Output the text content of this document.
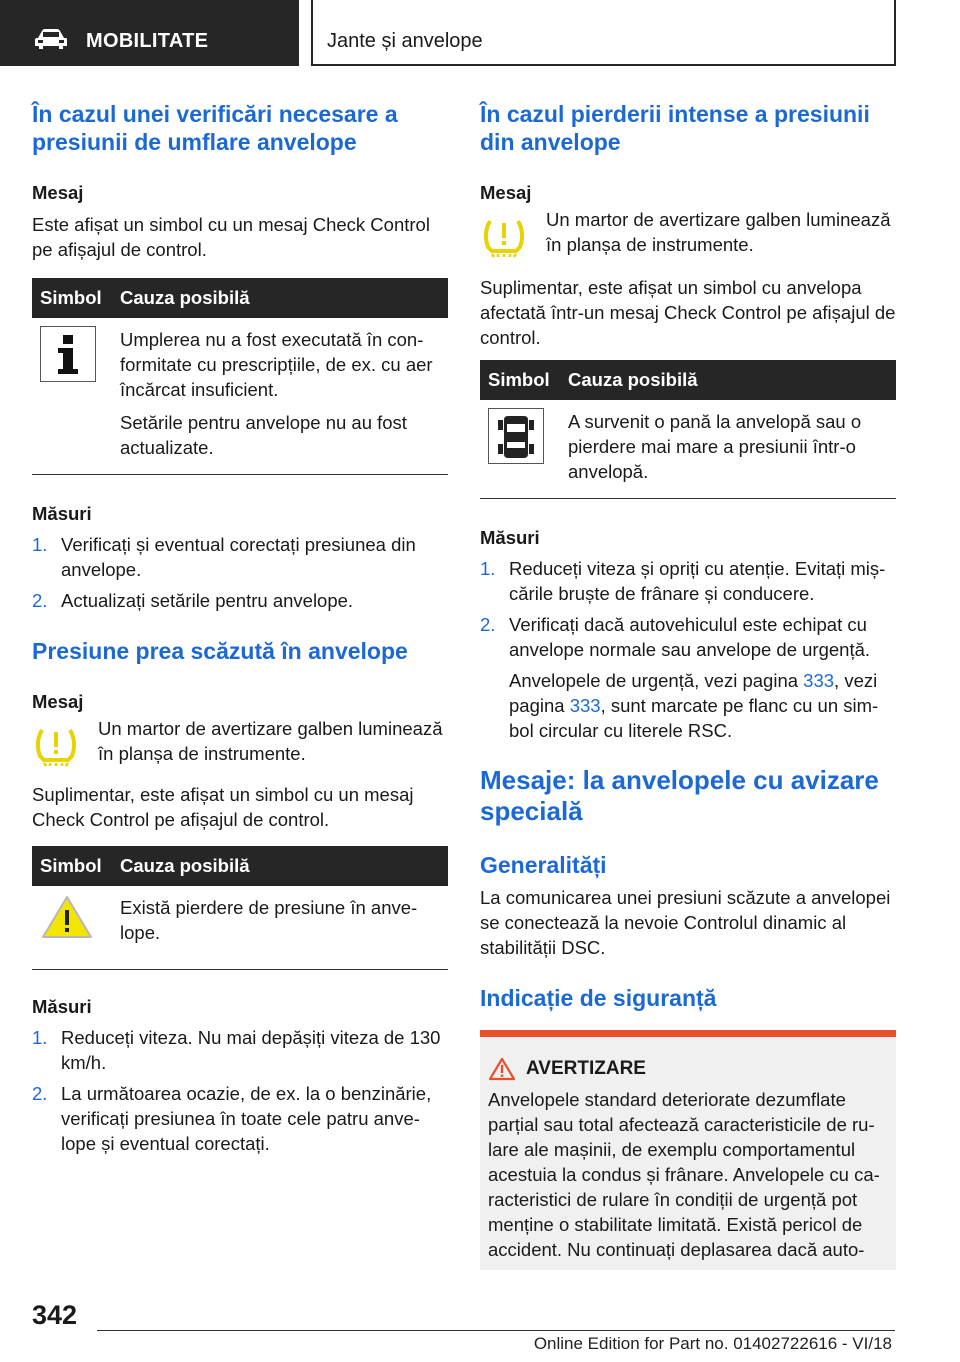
MOBILITATE	Jante și anvelope
În cazul unei verificări necesare a presiunii de umflare anvelope
Mesaj

Este afișat un simbol cu un mesaj Check Control pe afișajul de control.

Simbol	Cauza posibilă

Umplerea nu a fost executată în conformitate cu prescripțiile, de ex. cu aer încărcat insuficient.

Setările pentru anvelope nu au fost actualizate.

Măsuri
1. Verificați și eventual corectați presiunea din anvelope.
2. Actualizați setările pentru anvelope.
Presiune prea scăzută în anvelope
Mesaj

Un martor de avertizare galben luminează în planșa de instrumente.

Suplimentar, este afișat un simbol cu un mesaj Check Control pe afișajul de control.

Simbol	Cauza posibilă

Există pierdere de presiune în anvelope.

Măsuri
1. Reduceți viteza. Nu mai depășiți viteza de 130 km/h.
2. La următoarea ocazie, de ex. la o benzinărie, verificați presiunea în toate cele patru anvelope și eventual corectați.
În cazul pierderii intense a presiunii din anvelope
Mesaj

Un martor de avertizare galben luminează în planșa de instrumente.

Suplimentar, este afișat un simbol cu anvelopa afectată într-un mesaj Check Control pe afișajul de control.

Simbol	Cauza posibilă

A survenit o pană la anvelopă sau o pierdere mai mare a presiunii într-o anvelopă.

Măsuri
1. Reduceți viteza și opriți cu atenție. Evitați mișcările bruște de frânare și conducere.
2. Verificați dacă autovehiculul este echipat cu anvelope normale sau anvelope de urgență.

Anvelopele de urgență, vezi pagina 333, vezi pagina 333, sunt marcate pe flanc cu un simbol circular cu literele RSC.

Mesaje: la anvelopele cu avizare specială
Generalități

La comunicarea unei presiuni scăzute a anvelopei se conectează la nevoie Controlul dinamic al stabilității DSC.

Indicație de siguranță
AVERTIZARE

Anvelopele standard deteriorate dezumflate parțial sau total afectează caracteristicile de rulare ale mașinii, de exemplu comportamentul acestuia la condus și frânare. Anvelopele cu caracteristici de rulare în condiții de urgență pot menține o stabilitate limitată. Există pericol de accident. Nu continuați deplasarea dacă auto-

342
Online Edition for Part no. 01402722616 - VI/18
